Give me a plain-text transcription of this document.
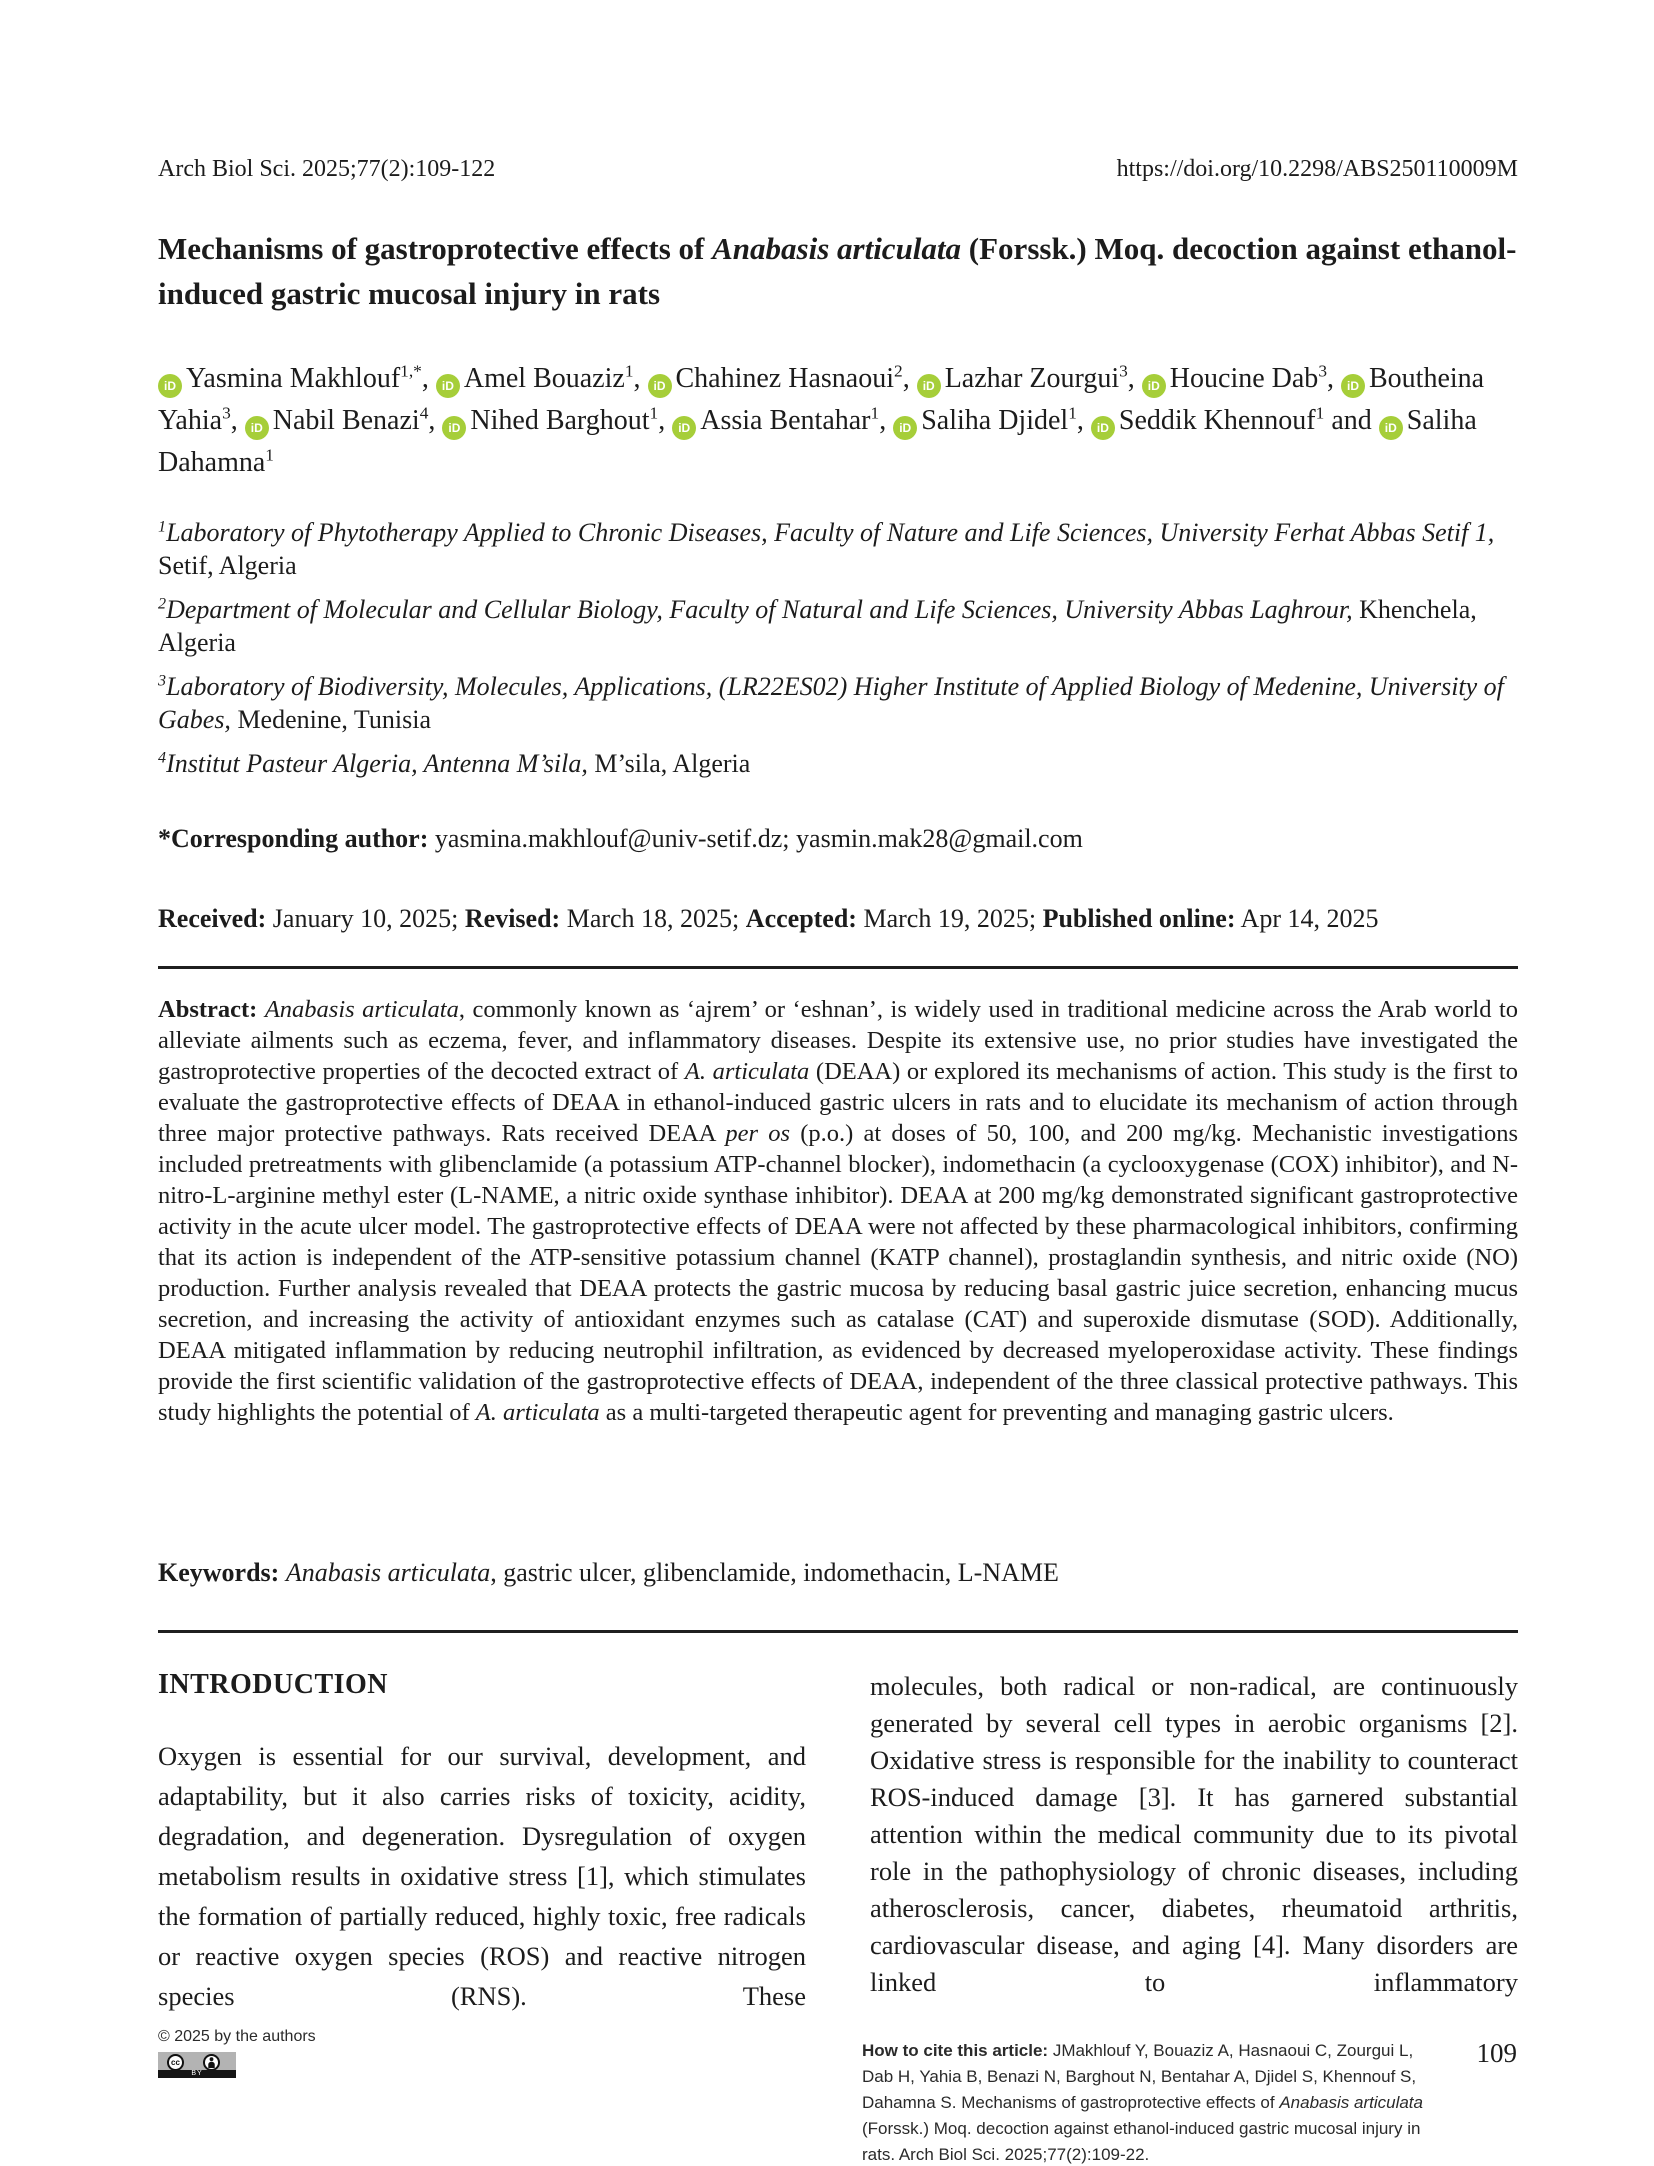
Arch Biol Sci. 2025;77(2):109-122	https://doi.org/10.2298/ABS250110009M
Mechanisms of gastroprotective effects of Anabasis articulata (Forssk.) Moq. decoction against ethanol-induced gastric mucosal injury in rats
iD Yasmina Makhlouf$^{1,*}$, iD Amel Bouaziz$^1$, iD Chahinez Hasnaoui$^2$, iD Lazhar Zourgui$^3$, iD Houcine Dab$^3$, iD Boutheina Yahia$^3$, iD Nabil Benazi$^4$, iD Nihed Barghout$^1$, iD Assia Bentahar$^1$, iD Saliha Djidel$^1$, iD Seddik Khennouf$^1$ and iD Saliha Dahamna$^1$
$^1$Laboratory of Phytotherapy Applied to Chronic Diseases, Faculty of Nature and Life Sciences, University Ferhat Abbas Setif 1, Setif, Algeria
$^2$Department of Molecular and Cellular Biology, Faculty of Natural and Life Sciences, University Abbas Laghrour, Khenchela, Algeria
$^3$Laboratory of Biodiversity, Molecules, Applications, (LR22ES02) Higher Institute of Applied Biology of Medenine, University of Gabes, Medenine, Tunisia
$^4$Institut Pasteur Algeria, Antenna M’sila, M’sila, Algeria
*Corresponding author: yasmina.makhlouf@univ-setif.dz; yasmin.mak28@gmail.com
Received: January 10, 2025; Revised: March 18, 2025; Accepted: March 19, 2025; Published online: Apr 14, 2025
Abstract: Anabasis articulata, commonly known as ‘ajrem’ or ‘eshnan’, is widely used in traditional medicine across the Arab world to alleviate ailments such as eczema, fever, and inflammatory diseases. Despite its extensive use, no prior studies have investigated the gastroprotective properties of the decocted extract of A. articulata (DEAA) or explored its mechanisms of action. This study is the first to evaluate the gastroprotective effects of DEAA in ethanol-induced gastric ulcers in rats and to elucidate its mechanism of action through three major protective pathways. Rats received DEAA per os (p.o.) at doses of 50, 100, and 200 mg/kg. Mechanistic investigations included pretreatments with glibenclamide (a potassium ATP-channel blocker), indomethacin (a cyclooxygenase (COX) inhibitor), and N-nitro-L-arginine methyl ester (L-NAME, a nitric oxide synthase inhibitor). DEAA at 200 mg/kg demonstrated significant gastroprotective activity in the acute ulcer model. The gastroprotective effects of DEAA were not affected by these pharmacological inhibitors, confirming that its action is independent of the ATP-sensitive potassium channel (KATP channel), prostaglandin synthesis, and nitric oxide (NO) production. Further analysis revealed that DEAA protects the gastric mucosa by reducing basal gastric juice secretion, enhancing mucus secretion, and increasing the activity of antioxidant enzymes such as catalase (CAT) and superoxide dismutase (SOD). Additionally, DEAA mitigated inflammation by reducing neutrophil infiltration, as evidenced by decreased myeloperoxidase activity. These findings provide the first scientific validation of the gastroprotective effects of DEAA, independent of the three classical protective pathways. This study highlights the potential of A. articulata as a multi-targeted therapeutic agent for preventing and managing gastric ulcers.
Keywords: Anabasis articulata, gastric ulcer, glibenclamide, indomethacin, L-NAME
INTRODUCTION

Oxygen is essential for our survival, development, and adaptability, but it also carries risks of toxicity, acidity, degradation, and degeneration. Dysregulation of oxygen metabolism results in oxidative stress [1], which stimulates the formation of partially reduced, highly toxic, free radicals or reactive oxygen species (ROS) and reactive nitrogen species (RNS). These

molecules, both radical or non-radical, are continuously generated by several cell types in aerobic organisms [2]. Oxidative stress is responsible for the inability to counteract ROS-induced damage [3]. It has garnered substantial attention within the medical community due to its pivotal role in the pathophysiology of chronic diseases, including atherosclerosis, cancer, diabetes, rheumatoid arthritis, cardiovascular disease, and aging [4]. Many disorders are linked to inflammatory

© 2025 by the authors
cc
BY
How to cite this article: JMakhlouf Y, Bouaziz A, Hasnaoui C, Zourgui L, Dab H, Yahia B, Benazi N, Barghout N, Bentahar A, Djidel S, Khennouf S, Dahamna S. Mechanisms of gastroprotective effects of Anabasis articulata (Forssk.) Moq. decoction against ethanol-induced gastric mucosal injury in rats. Arch Biol Sci. 2025;77(2):109-22.
109
